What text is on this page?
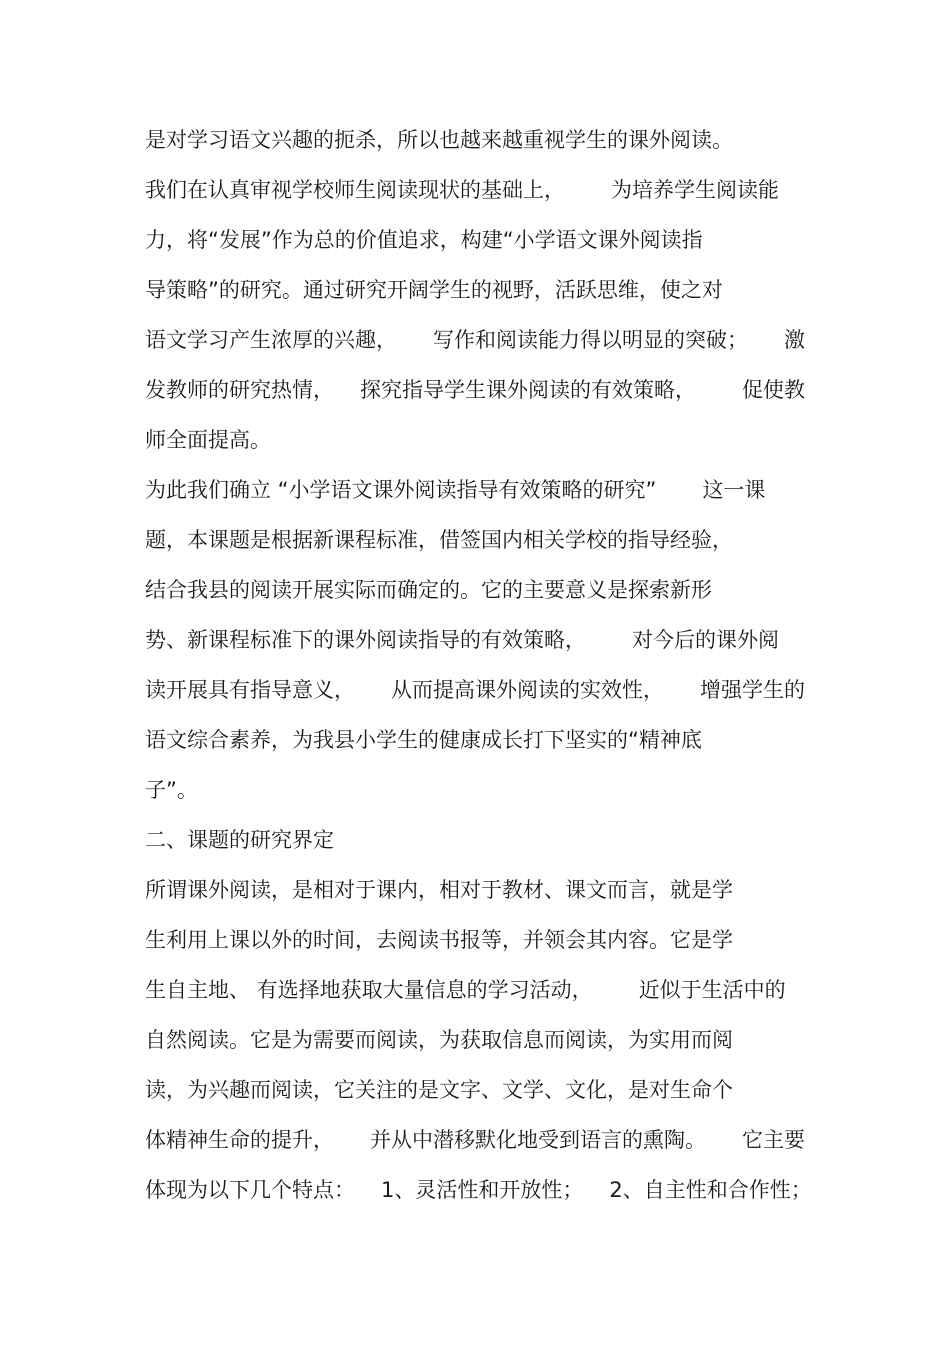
是对学习语文兴趣的扼杀，所以也越来越重视学生的课外阅读。
我们在认真审视学校师生阅读现状的基础上， 为培养学生阅读能
力，将“发展”作为总的价值追求，构建“小学语文课外阅读指
导策略”的研究。通过研究开阔学生的视野，活跃思维，使之对
语文学习产生浓厚的兴趣， 写作和阅读能力得以明显的突破； 激
发教师的研究热情， 探究指导学生课外阅读的有效策略， 促使教
师全面提高。
为此我们确立 “小学语文课外阅读指导有效策略的研究” 这一课
题，本课题是根据新课程标准，借签国内相关学校的指导经验，
结合我县的阅读开展实际而确定的。它的主要意义是探索新形
势、新课程标准下的课外阅读指导的有效策略， 对今后的课外阅
读开展具有指导意义， 从而提高课外阅读的实效性， 增强学生的
语文综合素养，为我县小学生的健康成长打下坚实的“精神底
子”。
二、课题的研究界定
所谓课外阅读，是相对于课内，相对于教材、课文而言，就是学
生利用上课以外的时间，去阅读书报等，并领会其内容。它是学
生自主地、 有选择地获取大量信息的学习活动， 近似于生活中的
自然阅读。它是为需要而阅读，为获取信息而阅读，为实用而阅
读，为兴趣而阅读，它关注的是文字、文学、文化，是对生命个
体精神生命的提升， 并从中潜移默化地受到语言的熏陶。 它主要
体现为以下几个特点： 1、灵活性和开放性； 2、自主性和合作性；
